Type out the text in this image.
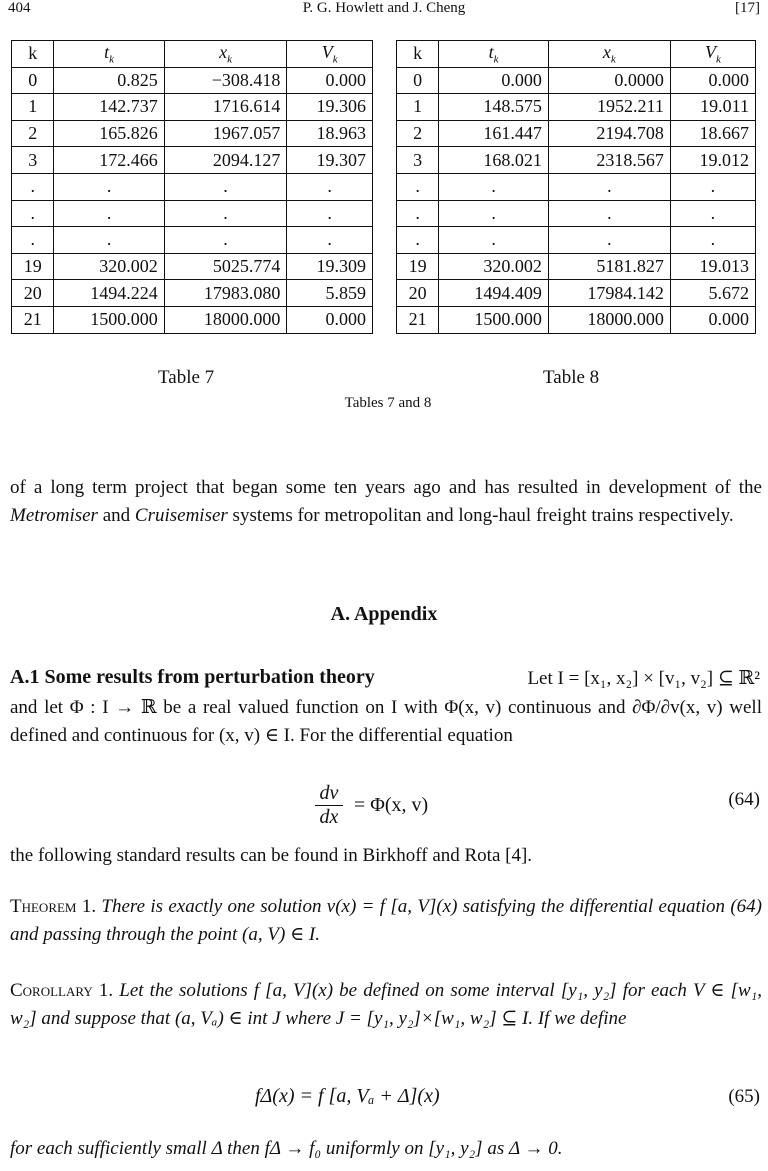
404	P. G. Howlett and J. Cheng	[17]
k	$t_k$	$x_k$	$V_k$
0	0.825	−308.418	0.000
1	142.737	1716.614	19.306
2	165.826	1967.057	18.963
3	172.466	2094.127	19.307
.	.	.	.
.	.	.	.
.	.	.	.
19	320.002	5025.774	19.309
20	1494.224	17983.080	5.859
21	1500.000	18000.000	0.000
k	$t_k$	$x_k$	$V_k$
0	0.000	0.0000	0.000
1	148.575	1952.211	19.011
2	161.447	2194.708	18.667
3	168.021	2318.567	19.012
.	.	.	.
.	.	.	.
.	.	.	.
19	320.002	5181.827	19.013
20	1494.409	17984.142	5.672
21	1500.000	18000.000	0.000
Table 7	Table 8
Tables 7 and 8
of a long term project that began some ten years ago and has resulted in development of the Metromiser and Cruisemiser systems for metropolitan and long-haul freight trains respectively.
A. Appendix
A.1 Some results from perturbation theory	Let I = [x₁, x₂] × [v₁, v₂] ⊆ ℝ²
and let Φ : I → ℝ be a real valued function on I with Φ(x, v) continuous and ∂Φ/∂v(x, v) well defined and continuous for (x, v) ∈ I. For the differential equation
$\frac{dv}{dx} = \Phi(x$, v)	(64)
the following standard results can be found in Birkhoff and Rota [4].
Theorem 1. There is exactly one solution v(x) = f [a, V](x) satisfying the differential equation (64) and passing through the point (a, V) ∈ I.
Corollary 1. Let the solutions f [a, V](x) be defined on some interval [y₁, y₂] for each V ∈ [w₁, w₂] and suppose that (a, Vₐ) ∈ int J where J = [y₁, y₂]×[w₁, w₂] ⊆ I. If we define
fΔ(x) = f [a, Vₐ + Δ](x)	(65)
for each sufficiently small Δ then fΔ → f₀ uniformly on [y₁, y₂] as Δ → 0.
